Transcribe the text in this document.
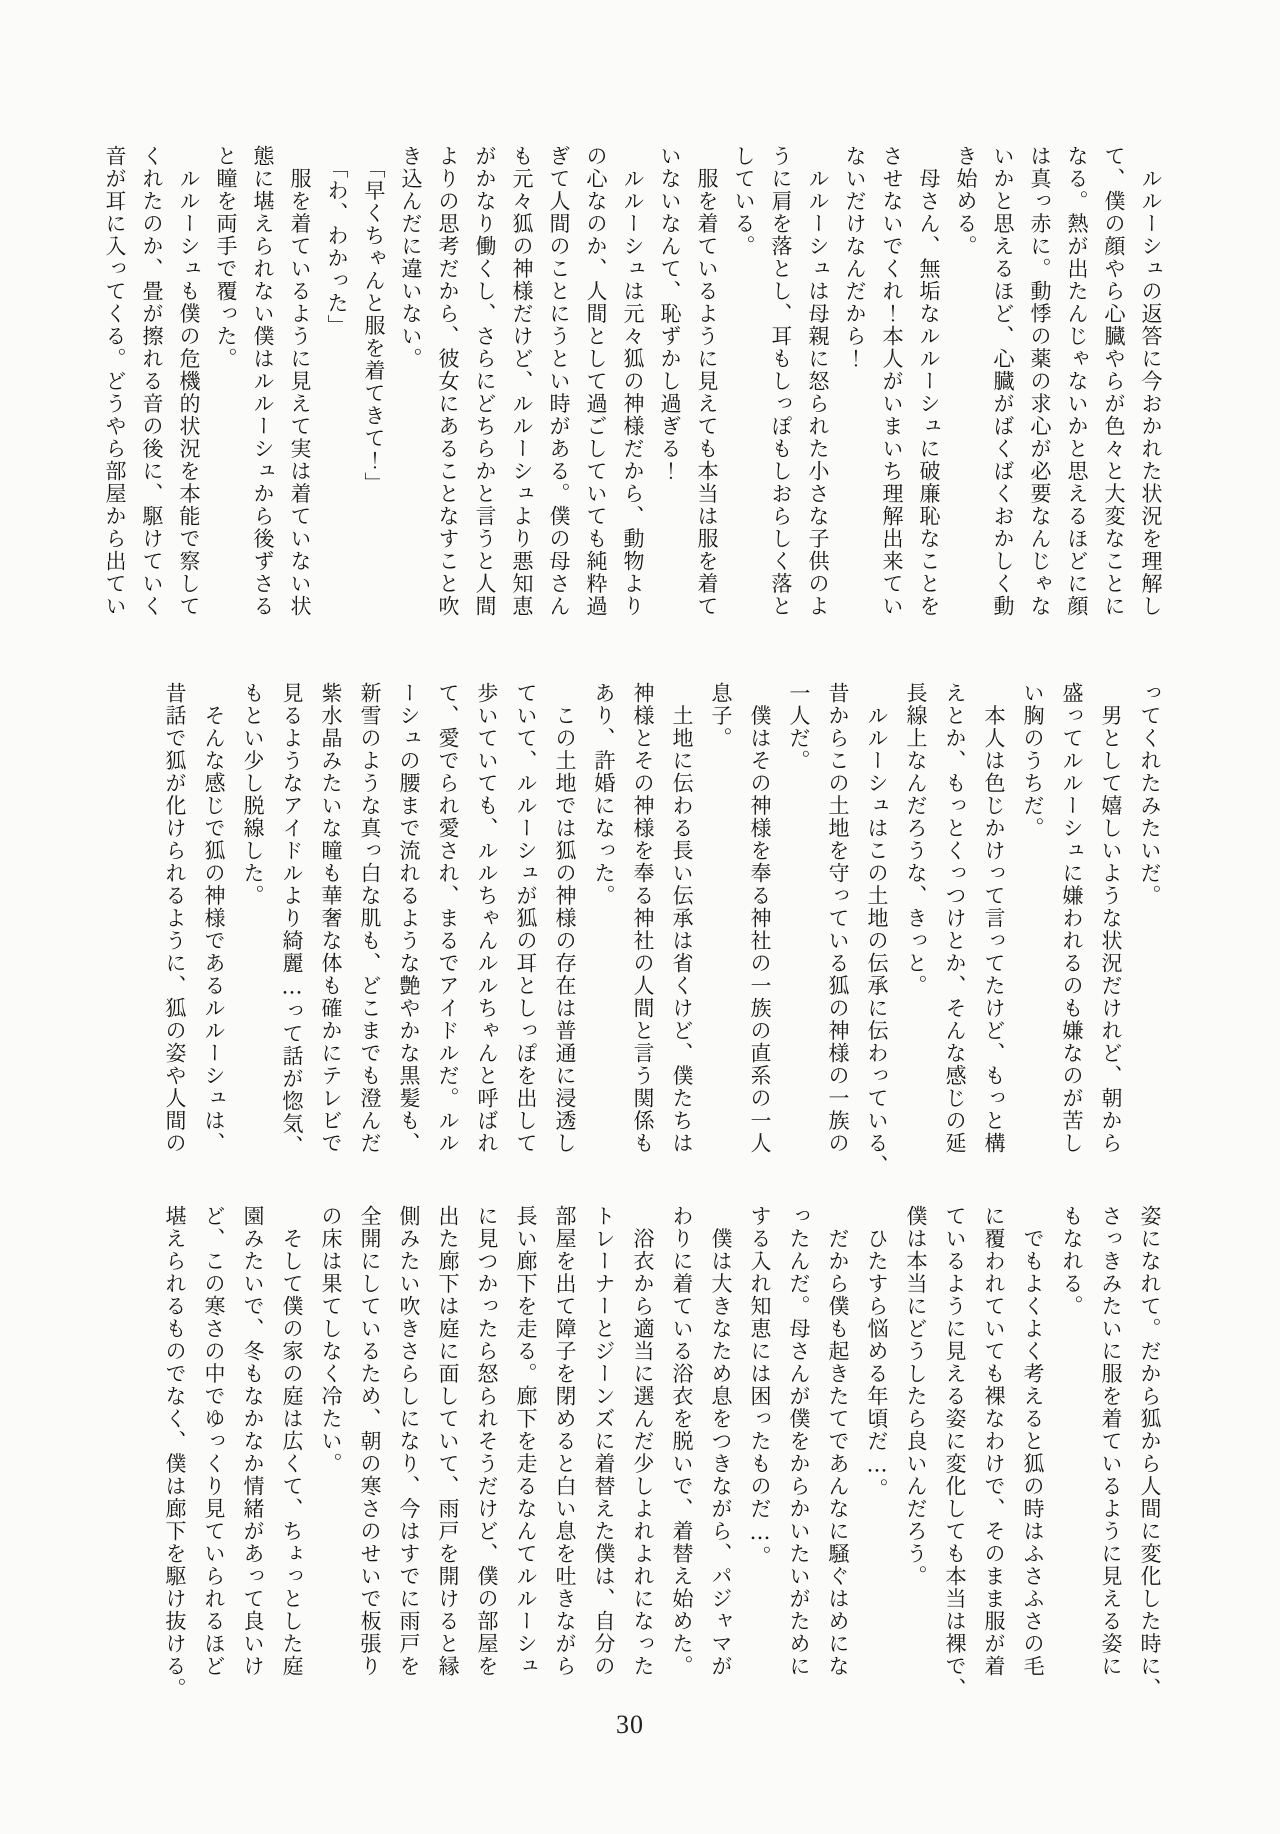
　ルルーシュの返答に今おかれた状況を理解し

て、僕の顔やら心臓やらが色々と大変なことに

なる。熱が出たんじゃないかと思えるほどに顔

は真っ赤に。動悸の薬の求心が必要なんじゃな

いかと思えるほど、心臓がばくばくおかしく動

き始める。

　母さん、無垢なルルーシュに破廉恥なことを

させないでくれ！本人がいまいち理解出来てい

ないだけなんだから！

　ルルーシュは母親に怒られた小さな子供のよ

うに肩を落とし、耳もしっぽもしおらしく落と

している。

　服を着ているように見えても本当は服を着て

いないなんて、恥ずかし過ぎる！

　ルルーシュは元々狐の神様だから、動物より

の心なのか、人間として過ごしていても純粋過

ぎて人間のことにうとい時がある。僕の母さん

も元々狐の神様だけど、ルルーシュより悪知恵

がかなり働くし、さらにどちらかと言うと人間

よりの思考だから、彼女にあることなすこと吹

き込んだに違いない。

　「早くちゃんと服を着てきて！」

　「わ、わかった」

　服を着ているように見えて実は着ていない状

態に堪えられない僕はルルーシュから後ずさる

と瞳を両手で覆った。

　ルルーシュも僕の危機的状況を本能で察して

くれたのか、畳が擦れる音の後に、駆けていく

音が耳に入ってくる。どうやら部屋から出てい

ってくれたみたいだ。

　男として嬉しいような状況だけれど、朝から

盛ってルルーシュに嫌われるのも嫌なのが苦し

い胸のうちだ。

　本人は色じかけって言ってたけど、もっと構

えとか、もっとくっつけとか、そんな感じの延

長線上なんだろうな、きっと。

　ルルーシュはこの土地の伝承に伝わっている、

昔からこの土地を守っている狐の神様の一族の

一人だ。

　僕はその神様を奉る神社の一族の直系の一人

息子。

　土地に伝わる長い伝承は省くけど、僕たちは

神様とその神様を奉る神社の人間と言う関係も

あり、許婚になった。

　この土地では狐の神様の存在は普通に浸透し

ていて、ルルーシュが狐の耳としっぽを出して

歩いていても、ルルちゃんルルちゃんと呼ばれ

て、愛でられ愛され、まるでアイドルだ。ルル

ーシュの腰まで流れるような艶やかな黒髪も、

新雪のような真っ白な肌も、どこまでも澄んだ

紫水晶みたいな瞳も華奢な体も確かにテレビで

見るようなアイドルより綺麗…って話が惚気、

もとい少し脱線した。

　そんな感じで狐の神様であるルルーシュは、

昔話で狐が化けられるように、狐の姿や人間の

姿になれて。だから狐から人間に変化した時に、

さっきみたいに服を着ているように見える姿に

もなれる。

　でもよくよく考えると狐の時はふさふさの毛

に覆われていても裸なわけで、そのまま服が着

ているように見える姿に変化しても本当は裸で、

僕は本当にどうしたら良いんだろう。

　ひたすら悩める年頃だ…。

　だから僕も起きたてであんなに騒ぐはめにな

ったんだ。母さんが僕をからかいたいがために

する入れ知恵には困ったものだ…。

　僕は大きなため息をつきながら、パジャマが

わりに着ている浴衣を脱いで、着替え始めた。

　浴衣から適当に選んだ少しよれよれになった

トレーナーとジーンズに着替えた僕は、自分の

部屋を出て障子を閉めると白い息を吐きながら

長い廊下を走る。廊下を走るなんてルルーシュ

に見つかったら怒られそうだけど、僕の部屋を

出た廊下は庭に面していて、雨戸を開けると縁

側みたい吹きさらしになり、今はすでに雨戸を

全開にしているため、朝の寒さのせいで板張り

の床は果てしなく冷たい。

　そして僕の家の庭は広くて、ちょっとした庭

園みたいで、冬もなかなか情緒があって良いけ

ど、この寒さの中でゆっくり見ていられるほど

堪えられるものでなく、僕は廊下を駆け抜ける。

30
